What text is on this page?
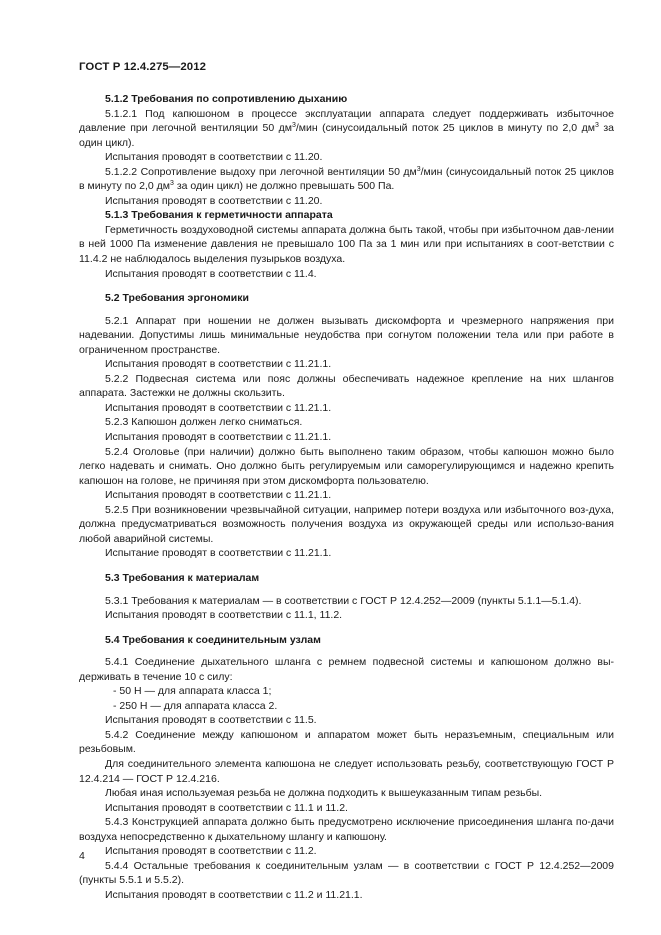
ГОСТ Р 12.4.275—2012

5.1.2 Требования по сопротивлению дыханию

5.1.2.1 Под капюшоном в процессе эксплуатации аппарата следует поддерживать избыточное давление при легочной вентиляции 50 $дм^3$/мин (синусоидальный поток 25 циклов в минуту по 2,0 $дм^3$ за один цикл).

Испытания проводят в соответствии с 11.20.

5.1.2.2 Сопротивление выдоху при легочной вентиляции 50 $дм^3$/мин (синусоидальный поток 25 циклов в минуту по 2,0 $дм^3$ за один цикл) не должно превышать 500 Па.

Испытания проводят в соответствии с 11.20.

5.1.3 Требования к герметичности аппарата

Герметичность воздуховодной системы аппарата должна быть такой, чтобы при избыточном дав-лении в ней 1000 Па изменение давления не превышало 100 Па за 1 мин или при испытаниях в соот-ветствии с 11.4.2 не наблюдалось выделения пузырьков воздуха.

Испытания проводят в соответствии с 11.4.

5.2 Требования эргономики

5.2.1 Аппарат при ношении не должен вызывать дискомфорта и чрезмерного напряжения при надевании. Допустимы лишь минимальные неудобства при согнутом положении тела или при работе в ограниченном пространстве.

Испытания проводят в соответствии с 11.21.1.

5.2.2 Подвесная система или пояс должны обеспечивать надежное крепление на них шлангов аппарата. Застежки не должны скользить.

Испытания проводят в соответствии с 11.21.1.

5.2.3 Капюшон должен легко сниматься.

Испытания проводят в соответствии с 11.21.1.

5.2.4 Оголовье (при наличии) должно быть выполнено таким образом, чтобы капюшон можно было легко надевать и снимать. Оно должно быть регулируемым или саморегулирующимся и надежно крепить капюшон на голове, не причиняя при этом дискомфорта пользователю.

Испытания проводят в соответствии с 11.21.1.

5.2.5 При возникновении чрезвычайной ситуации, например потери воздуха или избыточного воз-духа, должна предусматриваться возможность получения воздуха из окружающей среды или использо-вания любой аварийной системы.

Испытание проводят в соответствии с 11.21.1.

5.3 Требования к материалам

5.3.1 Требования к материалам — в соответствии с ГОСТ Р 12.4.252—2009 (пункты 5.1.1—5.1.4).

Испытания проводят в соответствии с 11.1, 11.2.

5.4 Требования к соединительным узлам

5.4.1 Соединение дыхательного шланга с ремнем подвесной системы и капюшоном должно вы-держивать в течение 10 с силу:

- 50 Н — для аппарата класса 1;

- 250 Н — для аппарата класса 2.

Испытания проводят в соответствии с 11.5.

5.4.2 Соединение между капюшоном и аппаратом может быть неразъемным, специальным или резьбовым.

Для соединительного элемента капюшона не следует использовать резьбу, соответствующую ГОСТ Р 12.4.214 — ГОСТ Р 12.4.216.

Любая иная используемая резьба не должна подходить к вышеуказанным типам резьбы.

Испытания проводят в соответствии с 11.1 и 11.2.

5.4.3 Конструкцией аппарата должно быть предусмотрено исключение присоединения шланга по-дачи воздуха непосредственно к дыхательному шлангу и капюшону.

Испытания проводят в соответствии с 11.2.

5.4.4 Остальные требования к соединительным узлам — в соответствии с ГОСТ Р 12.4.252—2009 (пункты 5.5.1 и 5.5.2).

Испытания проводят в соответствии с 11.2 и 11.21.1.

4
